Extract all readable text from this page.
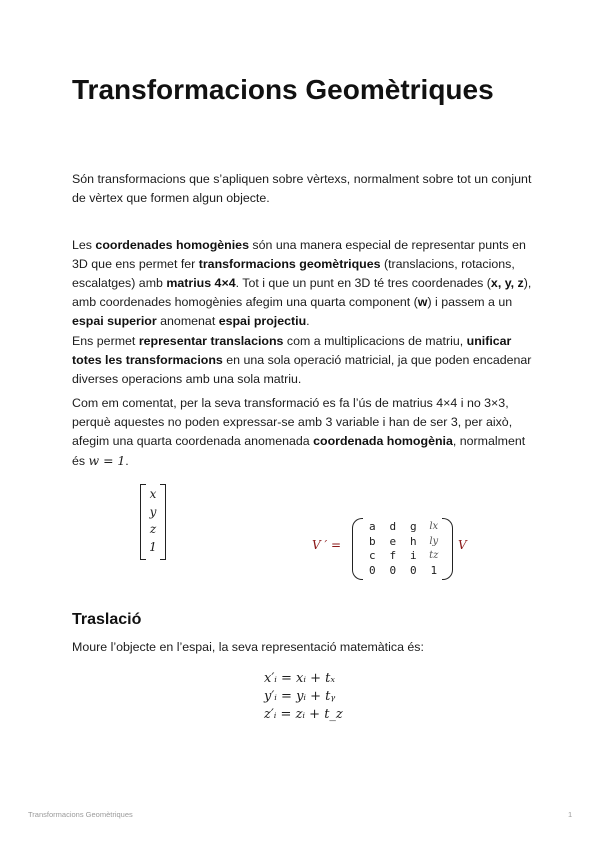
Transformacions Geomètriques

Són transformacions que s’apliquen sobre vèrtexs, normalment sobre tot un conjunt de vèrtex que formen algun objecte.

Les coordenades homogènies són una manera especial de representar punts en 3D que ens permet fer transformacions geomètriques (translacions, rotacions, escalatges) amb matrius 4×4. Tot i que un punt en 3D té tres coordenades (x, y, z), amb coordenades homogènies afegim una quarta component (w) i passem a un espai superior anomenat espai projectiu.

Ens permet representar translacions com a multiplicacions de matriu, unificar totes les transformacions en una sola operació matricial, ja que poden encadenar diverses operacions amb una sola matriu.

Com em comentat, per la seva transformació es fa l’ús de matrius 4×4 i no 3×3, perquè aquestes no poden expressar-se amb 3 variable i han de ser 3, per això, afegim una quarta coordenada anomenada coordenada homogènia, normalment és w = 1.

x
y
z
1	V ′ =
a	d	g	lx
b	e	h	ly
c	f	i	tz
0	0	0	1
V
Traslació

Moure l’objecte en l’espai, la seva representació matemàtica és:

x′ᵢ = xᵢ + tₓ
y′ᵢ = yᵢ + tᵧ
z′ᵢ = zᵢ + t_z
Transformacions Geomètriques	1
